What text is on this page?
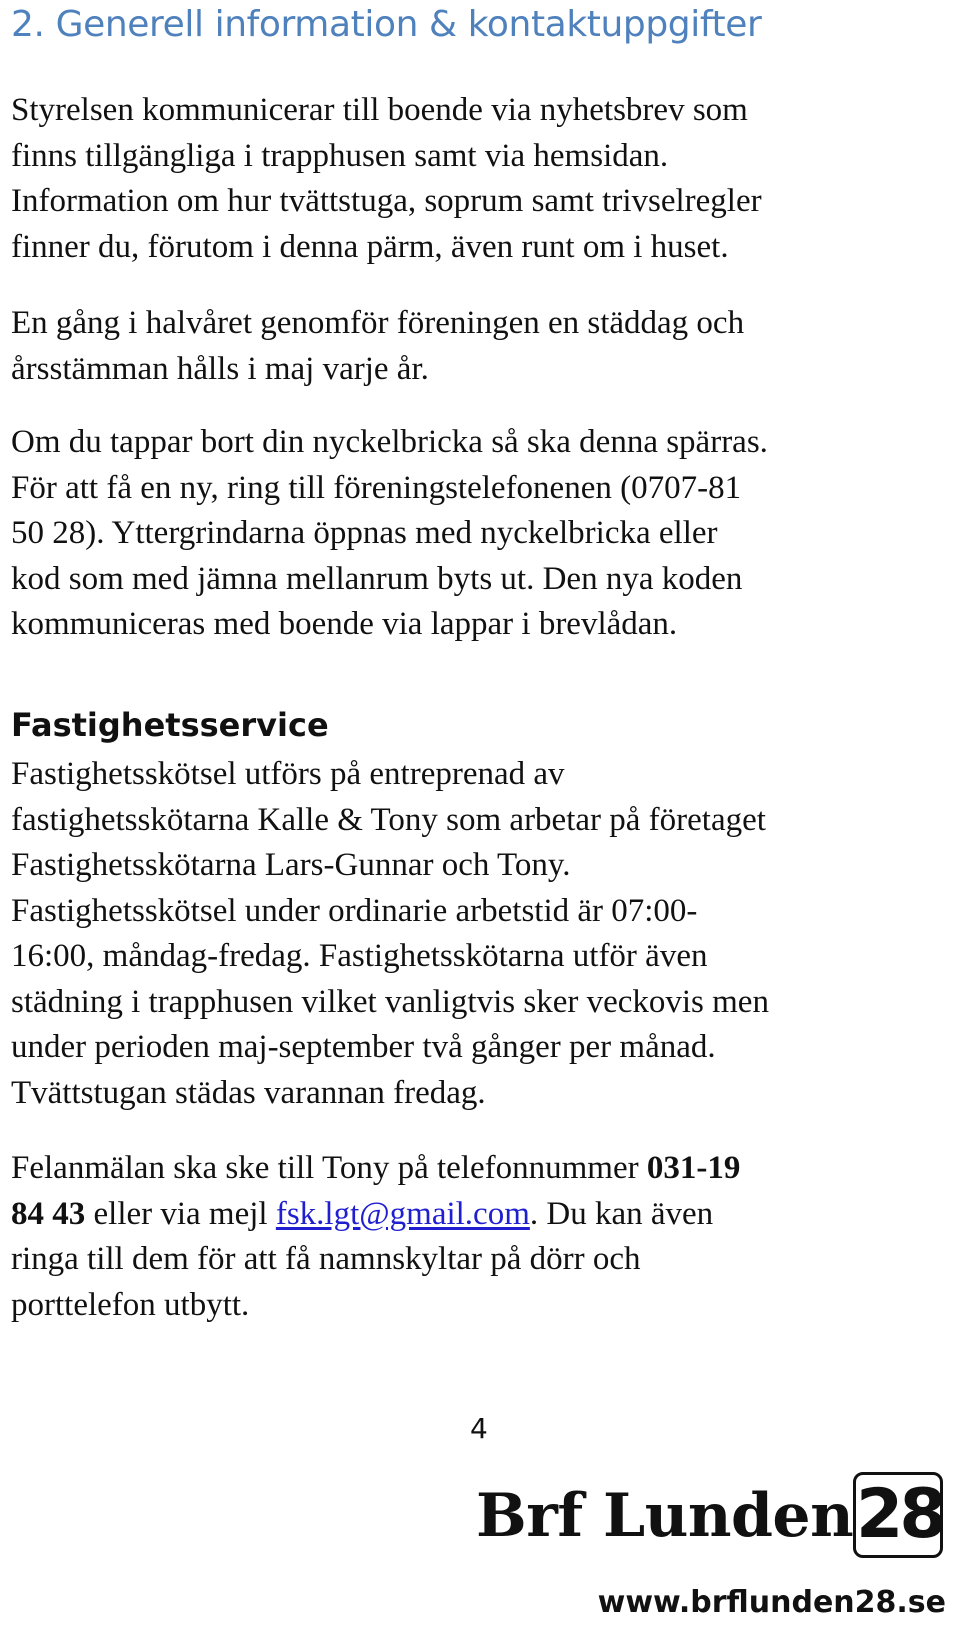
2. Generell information & kontaktuppgifter

Styrelsen kommunicerar till boende via nyhetsbrev som
finns tillgängliga i trapphusen samt via hemsidan.
Information om hur tvättstuga, soprum samt trivselregler
finner du, förutom i denna pärm, även runt om i huset.

En gång i halvåret genomför föreningen en städdag och
årsstämman hålls i maj varje år.

Om du tappar bort din nyckelbricka så ska denna spärras.
För att få en ny, ring till föreningstelefonenen (0707-81
50 28). Yttergrindarna öppnas med nyckelbricka eller
kod som med jämna mellanrum byts ut. Den nya koden
kommuniceras med boende via lappar i brevlådan.

Fastighetsservice

Fastighetsskötsel utförs på entreprenad av
fastighetsskötarna Kalle & Tony som arbetar på företaget
Fastighetsskötarna Lars-Gunnar och Tony.
Fastighetsskötsel under ordinarie arbetstid är 07:00-
16:00, måndag-fredag. Fastighetsskötarna utför även
städning i trapphusen vilket vanligtvis sker veckovis men
under perioden maj-september två gånger per månad.
Tvättstugan städas varannan fredag.

Felanmälan ska ske till Tony på telefonnummer 031-19
84 43 eller via mejl fsk.lgt@gmail.com. Du kan även
ringa till dem för att få namnskyltar på dörr och
porttelefon utbytt.

4
Brf Lunden 28
www.brflunden28.se
